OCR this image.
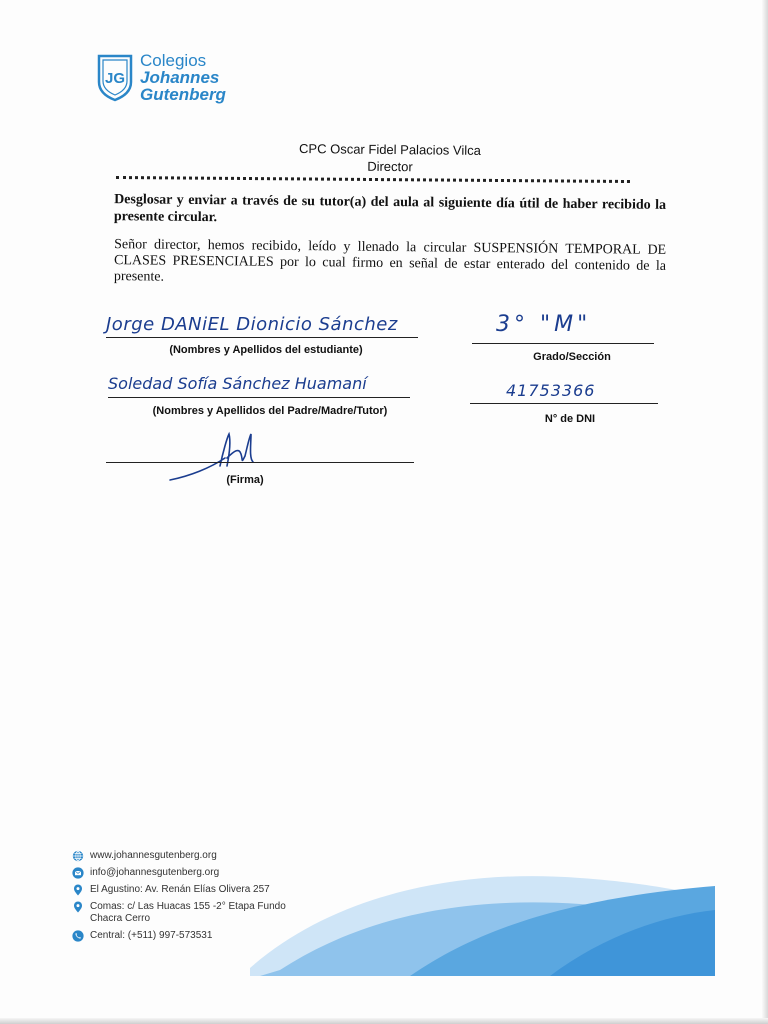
JG
Colegios
Johannes
Gutenberg
CPC Oscar Fidel Palacios Vilca
Director
Desglosar y enviar a través de su tutor(a) del aula al siguiente día útil de haber recibido la presente circular.
Señor director, hemos recibido, leído y llenado la circular SUSPENSIÓN TEMPORAL DE CLASES PRESENCIALES por lo cual firmo en señal de estar enterado del contenido de la presente.
Jorge DANiEL Dionicio Sánchez
(Nombres y Apellidos del estudiante)
3° "M"
Grado/Sección
Soledad Sofía Sánchez Huamaní
(Nombres y Apellidos del Padre/Madre/Tutor)
41753366
N° de DNI
(Firma)
www.johannesgutenberg.org
info@johannesgutenberg.org
El Agustino: Av. Renán Elías Olivera 257
Comas: c/ Las Huacas 155 -2° Etapa Fundo Chacra Cerro
Central: (+511) 997-573531
